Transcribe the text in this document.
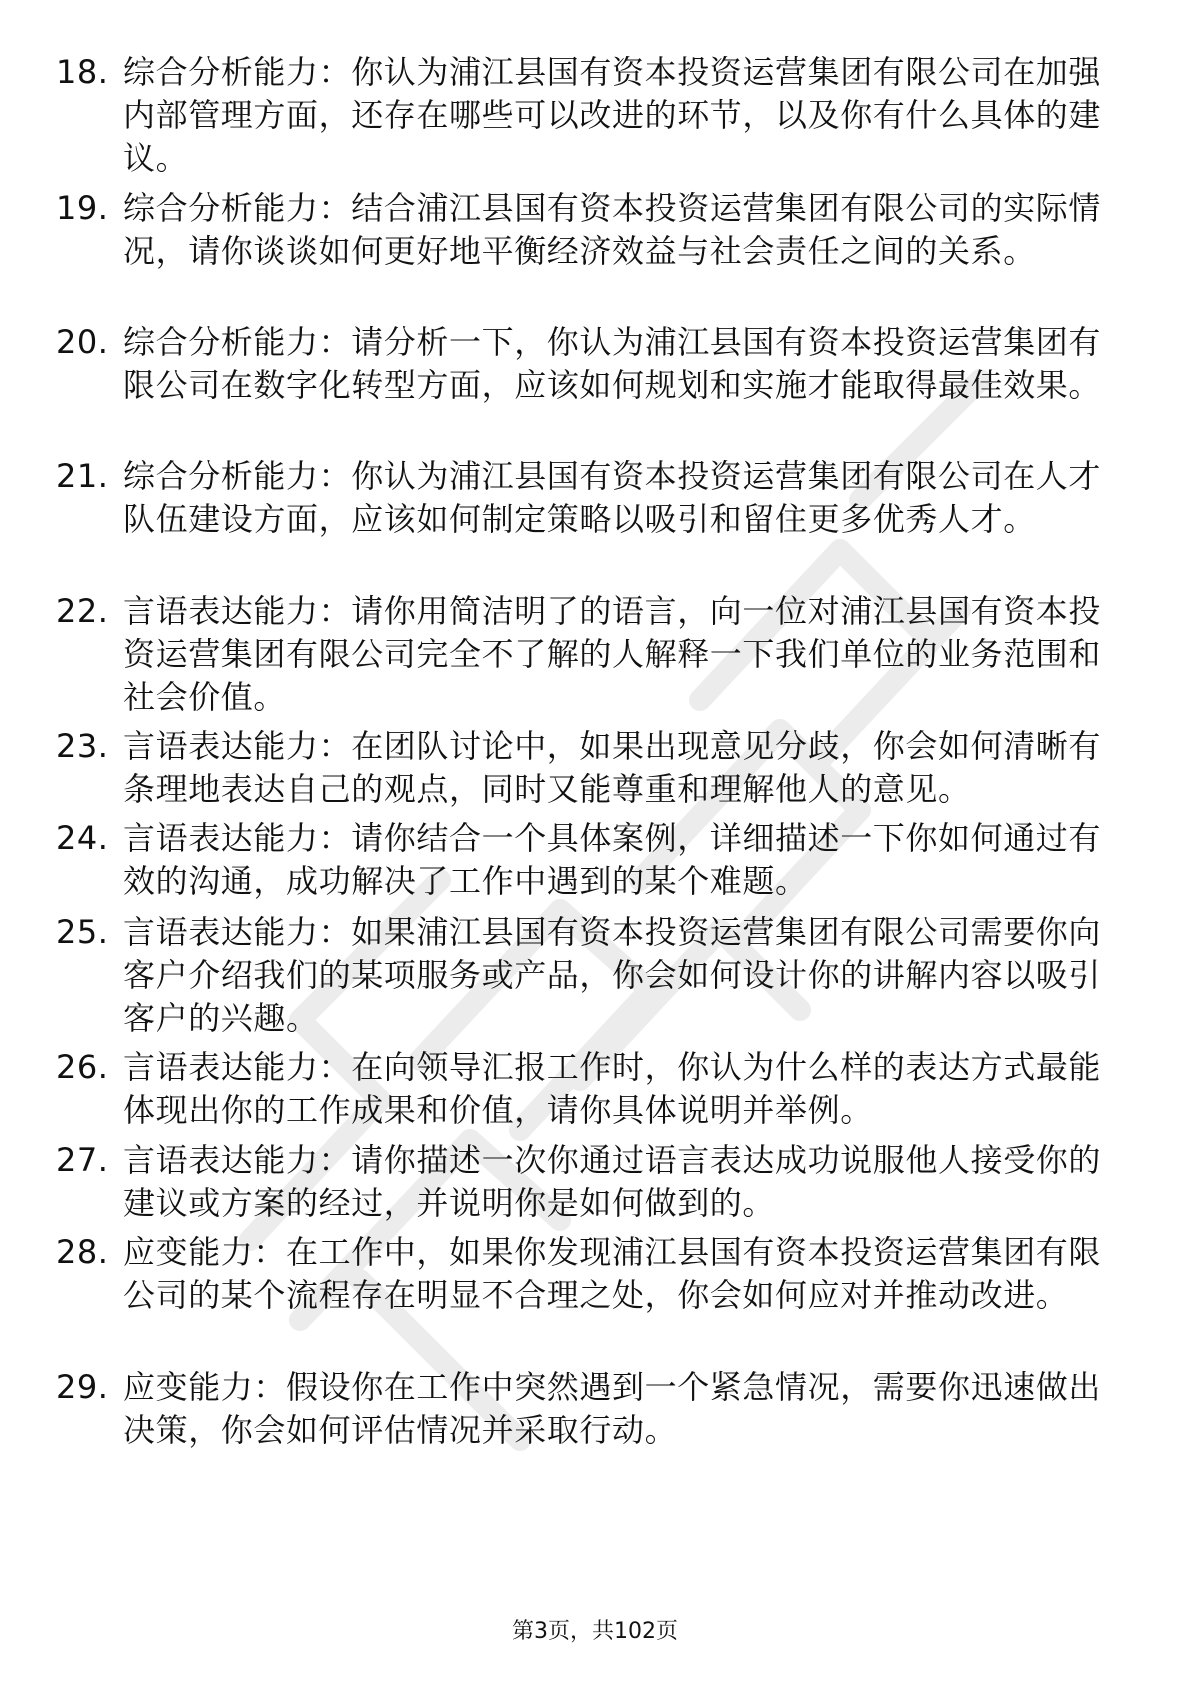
18. 综合分析能力：你认为浦江县国有资本投资运营集团有限公司在加强内部管理方面，还存在哪些可以改进的环节，以及你有什么具体的建议。
19. 综合分析能力：结合浦江县国有资本投资运营集团有限公司的实际情况，请你谈谈如何更好地平衡经济效益与社会责任之间的关系。
20. 综合分析能力：请分析一下，你认为浦江县国有资本投资运营集团有限公司在数字化转型方面，应该如何规划和实施才能取得最佳效果。
21. 综合分析能力：你认为浦江县国有资本投资运营集团有限公司在人才队伍建设方面，应该如何制定策略以吸引和留住更多优秀人才。
22. 言语表达能力：请你用简洁明了的语言，向一位对浦江县国有资本投资运营集团有限公司完全不了解的人解释一下我们单位的业务范围和社会价值。
23. 言语表达能力：在团队讨论中，如果出现意见分歧，你会如何清晰有条理地表达自己的观点，同时又能尊重和理解他人的意见。
24. 言语表达能力：请你结合一个具体案例，详细描述一下你如何通过有效的沟通，成功解决了工作中遇到的某个难题。
25. 言语表达能力：如果浦江县国有资本投资运营集团有限公司需要你向客户介绍我们的某项服务或产品，你会如何设计你的讲解内容以吸引客户的兴趣。
26. 言语表达能力：在向领导汇报工作时，你认为什么样的表达方式最能体现出你的工作成果和价值，请你具体说明并举例。
27. 言语表达能力：请你描述一次你通过语言表达成功说服他人接受你的建议或方案的经过，并说明你是如何做到的。
28. 应变能力：在工作中，如果你发现浦江县国有资本投资运营集团有限公司的某个流程存在明显不合理之处，你会如何应对并推动改进。
29. 应变能力：假设你在工作中突然遇到一个紧急情况，需要你迅速做出决策，你会如何评估情况并采取行动。
第3页，共102页
